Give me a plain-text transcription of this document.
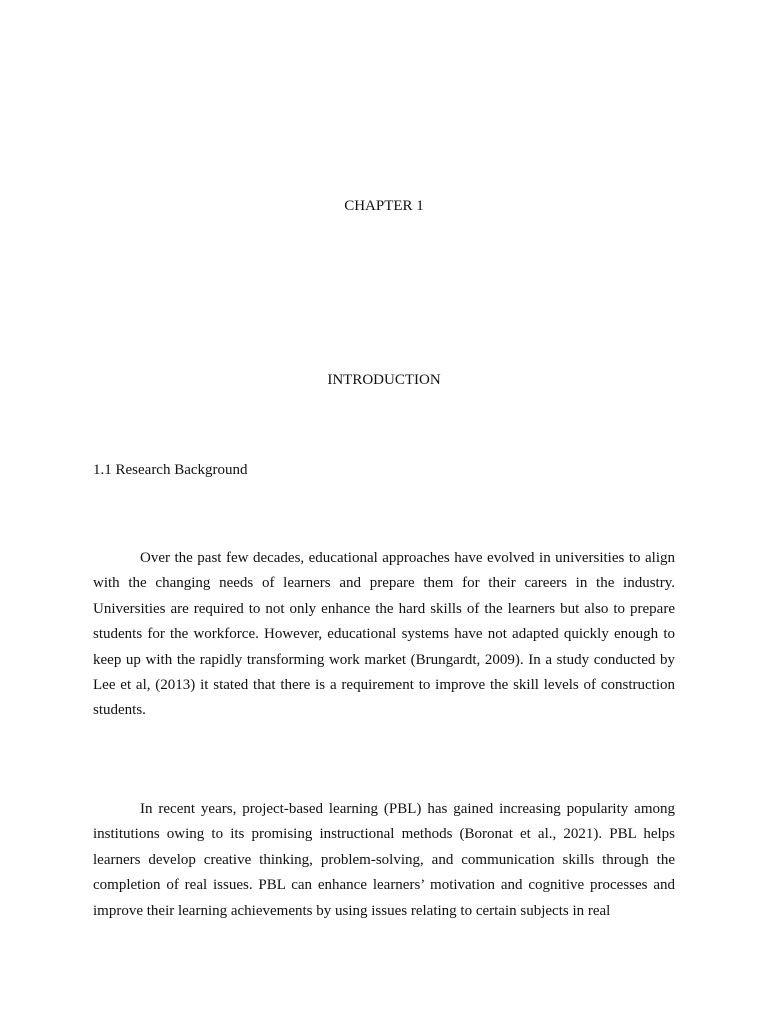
CHAPTER 1
INTRODUCTION
1.1 Research Background

Over the past few decades, educational approaches have evolved in universities to align with the changing needs of learners and prepare them for their careers in the industry. Universities are required to not only enhance the hard skills of the learners but also to prepare students for the workforce. However, educational systems have not adapted quickly enough to keep up with the rapidly transforming work market (Brungardt, 2009). In a study conducted by Lee et al, (2013) it stated that there is a requirement to improve the skill levels of construction students.

In recent years, project-based learning (PBL) has gained increasing popularity among institutions owing to its promising instructional methods (Boronat et al., 2021). PBL helps learners develop creative thinking, problem-solving, and communication skills through the completion of real issues. PBL can enhance learners’ motivation and cognitive processes and improve their learning achievements by using issues relating to certain subjects in real
